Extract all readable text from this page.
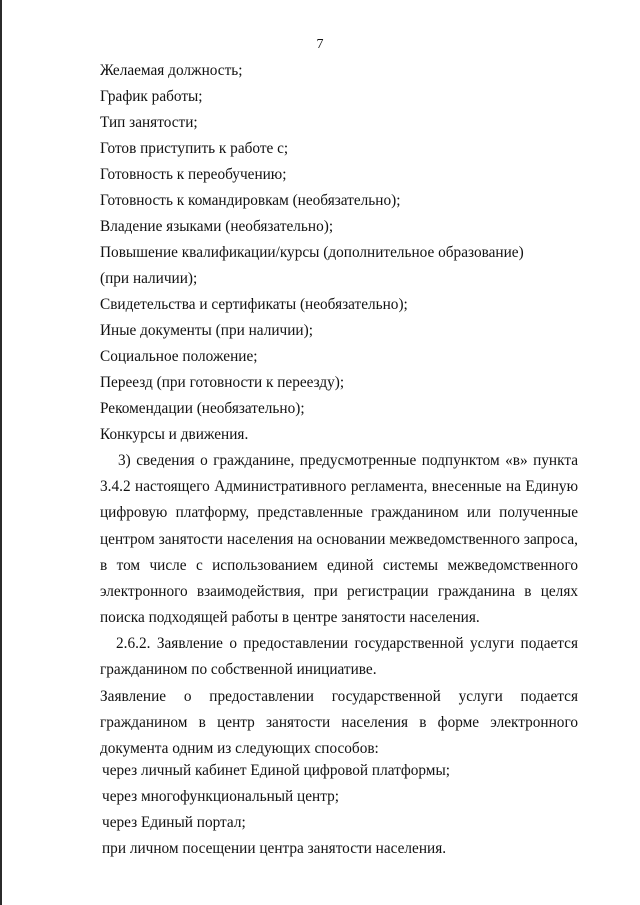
7
Желаемая должность;
График работы;
Тип занятости;
Готов приступить к работе с;
Готовность к переобучению;
Готовность к командировкам (необязательно);
Владение языками (необязательно);
Повышение квалификации/курсы (дополнительное образование) (при наличии);
Свидетельства и сертификаты (необязательно);
Иные документы (при наличии);
Социальное положение;
Переезд (при готовности к переезду);
Рекомендации (необязательно);
Конкурсы и движения.
3) сведения о гражданине, предусмотренные подпунктом «в» пункта 3.4.2 настоящего Административного регламента, внесенные на Единую цифровую платформу, представленные гражданином или полученные центром занятости населения на основании межведомственного запроса, в том числе с использованием единой системы межведомственного электронного взаимодействия, при регистрации гражданина в целях поиска подходящей работы в центре занятости населения.
2.6.2. Заявление о предоставлении государственной услуги подается гражданином по собственной инициативе.
Заявление о предоставлении государственной услуги подается гражданином в центр занятости населения в форме электронного документа одним из следующих способов:
через личный кабинет Единой цифровой платформы;
через многофункциональный центр;
через Единый портал;
при личном посещении центра занятости населения.
